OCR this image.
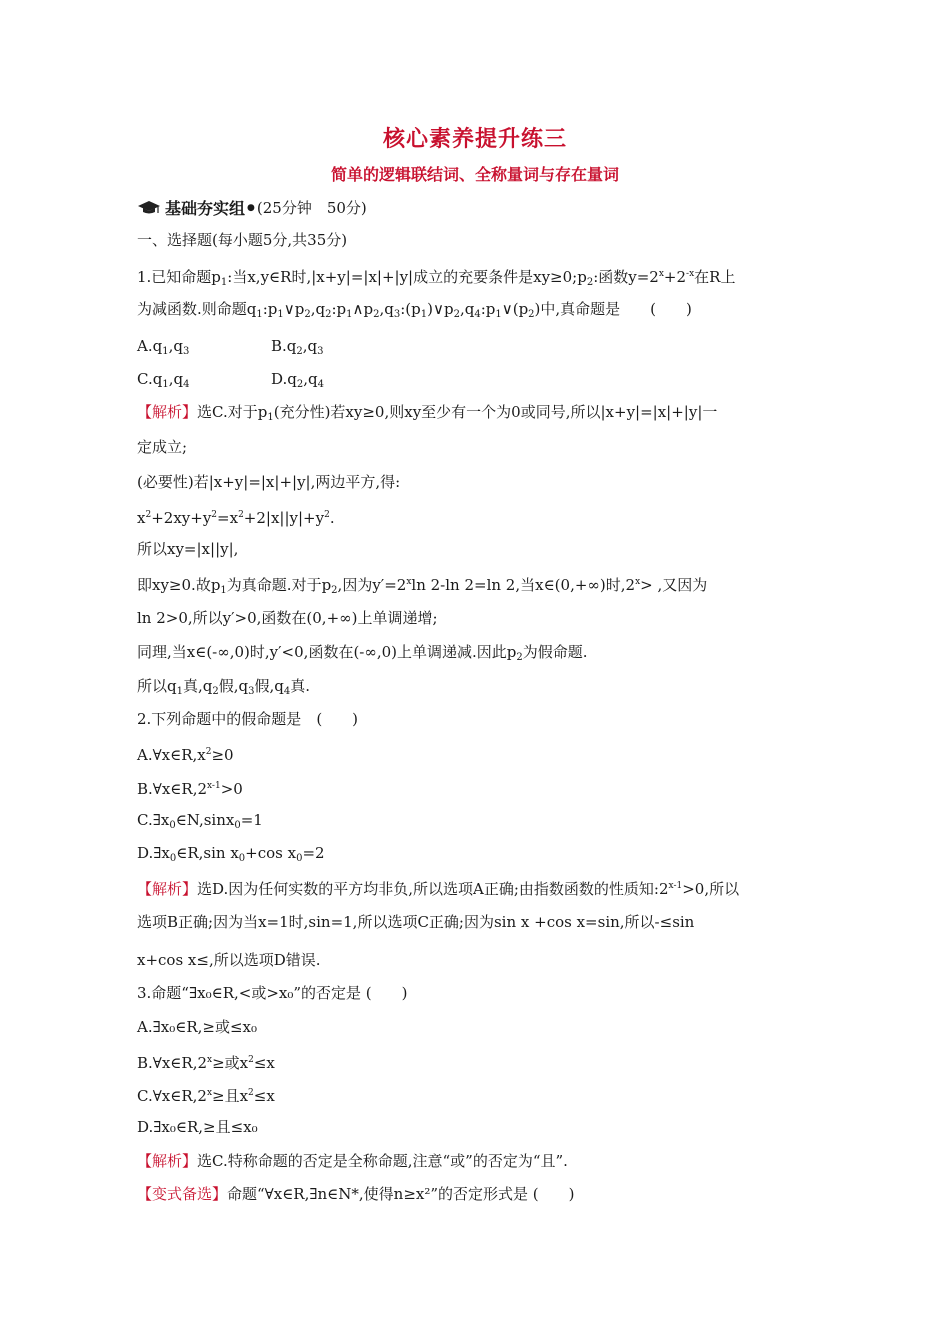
核心素养提升练三
简单的逻辑联结词、全称量词与存在量词
基础夯实组 ● (25分钟　50分)
一、选择题(每小题5分,共35分)
1.已知命题$p_1$:当x,y∈R时,|x+y|=|x|+|y|成立的充要条件是$xy\ge 0;p_2$:函数$y=2^x+2^{-x}$在R上
为减函数.则命题$q_1:p_1\vee p_2,q_2:p_1\wedge p_2,q_3:(p_1)\vee p_2,q_4:p_1\vee(p_2)$中,真命题是　　(　　)
$A.q_1,q_3$	$B.q_2,q_3$
$C.q_1,q_4$	$D.q_2,q_4$
【解析】选C.对于$p_1$(充分性)若xy≥0,则xy至少有一个为0或同号,所以|x+y|=|x|+|y|一
定成立;
(必要性)若|x+y|=|x|+|y|,两边平方,得:
$x^2+2xy+y^2=x^2+2|x||y|+y^2$.
所以xy=|x||y|,
即xy≥0.故$p_1$为真命题.对于$p_2$,因为$y'=2^x\ln$ 2-ln 2=ln 2,当x∈(0,+∞)时$,2^x>$ ,又因为
ln 2>0,所以y′>0,函数在(0,+∞)上单调递增;
同理,当x∈(-∞,0)时,y′<0,函数在(-∞,0)上单调递减.因此$p_2$为假命题.
所以$q_1$真$,q_2$假$,q_3$假$,q_4$真.
2.下列命题中的假命题是　(　　)
$A.\forall x\in R,x^2\ge 0$
$B.\forall x\in R,2^{x-1}>0$
$C.\exists x_0\in N,\sin x_0=1$
$D.\exists x_0\in R,\sin$ $x_0+\cos$ $x_0=2$
【解析】选D.因为任何实数的平方均非负,所以选项A正确;由指数函数的性质知$:2^{x-1}>0$,所以
选项B正确;因为当x=1时,sin=1,所以选项C正确;因为sin x +cos x=sin,所以-≤sin
x+cos x≤,所以选项D错误.
3.命题“∃x₀∈R,<或>x₀”的否定是 (　　)
A.∃x₀∈R,≥或≤x₀
$B.\forall x\in R,2^x\ge$或$x^2\le x$
$C.\forall x\in R,2^x\ge$且$x^2\le x$
D.∃x₀∈R,≥且≤x₀
【解析】选C.特称命题的否定是全称命题,注意“或”的否定为“且”.
【变式备选】命题“∀x∈R,∃n∈N*,使得n≥x²”的否定形式是 (　　)
